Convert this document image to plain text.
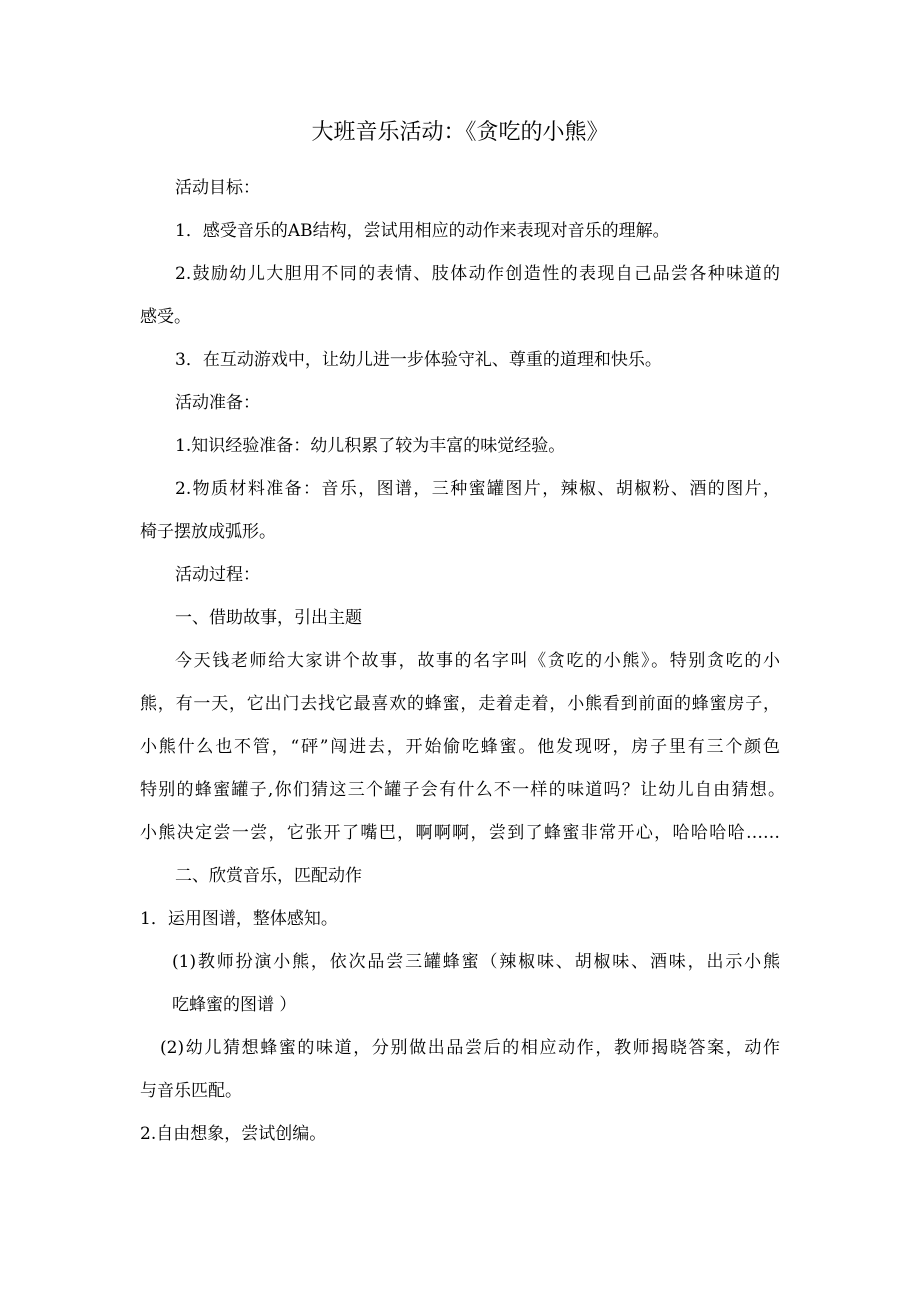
大班音乐活动：《贪吃的小熊》
活动目标：
1．感受音乐的AB结构，尝试用相应的动作来表现对音乐的理解。
2.鼓励幼儿大胆用不同的表情、肢体动作创造性的表现自己品尝各种味道的
感受。
3．在互动游戏中，让幼儿进一步体验守礼、尊重的道理和快乐。
活动准备：
1.知识经验准备：幼儿积累了较为丰富的味觉经验。
2.物质材料准备：音乐，图谱，三种蜜罐图片，辣椒、胡椒粉、酒的图片，
椅子摆放成弧形。
活动过程：
一、借助故事，引出主题
今天钱老师给大家讲个故事，故事的名字叫《贪吃的小熊》。特别贪吃的小
熊，有一天，它出门去找它最喜欢的蜂蜜，走着走着，小熊看到前面的蜂蜜房子，
小熊什么也不管，“砰”闯进去，开始偷吃蜂蜜。他发现呀，房子里有三个颜色
特别的蜂蜜罐子,你们猜这三个罐子会有什么不一样的味道吗？让幼儿自由猜想。
小熊决定尝一尝，它张开了嘴巴，啊啊啊，尝到了蜂蜜非常开心，哈哈哈哈……
二、欣赏音乐，匹配动作
1．运用图谱，整体感知。
(1)教师扮演小熊，依次品尝三罐蜂蜜（辣椒味、胡椒味、酒味，出示小熊
吃蜂蜜的图谱 ）
(2)幼儿猜想蜂蜜的味道，分别做出品尝后的相应动作，教师揭晓答案，动作
与音乐匹配。
2.自由想象，尝试创编。
